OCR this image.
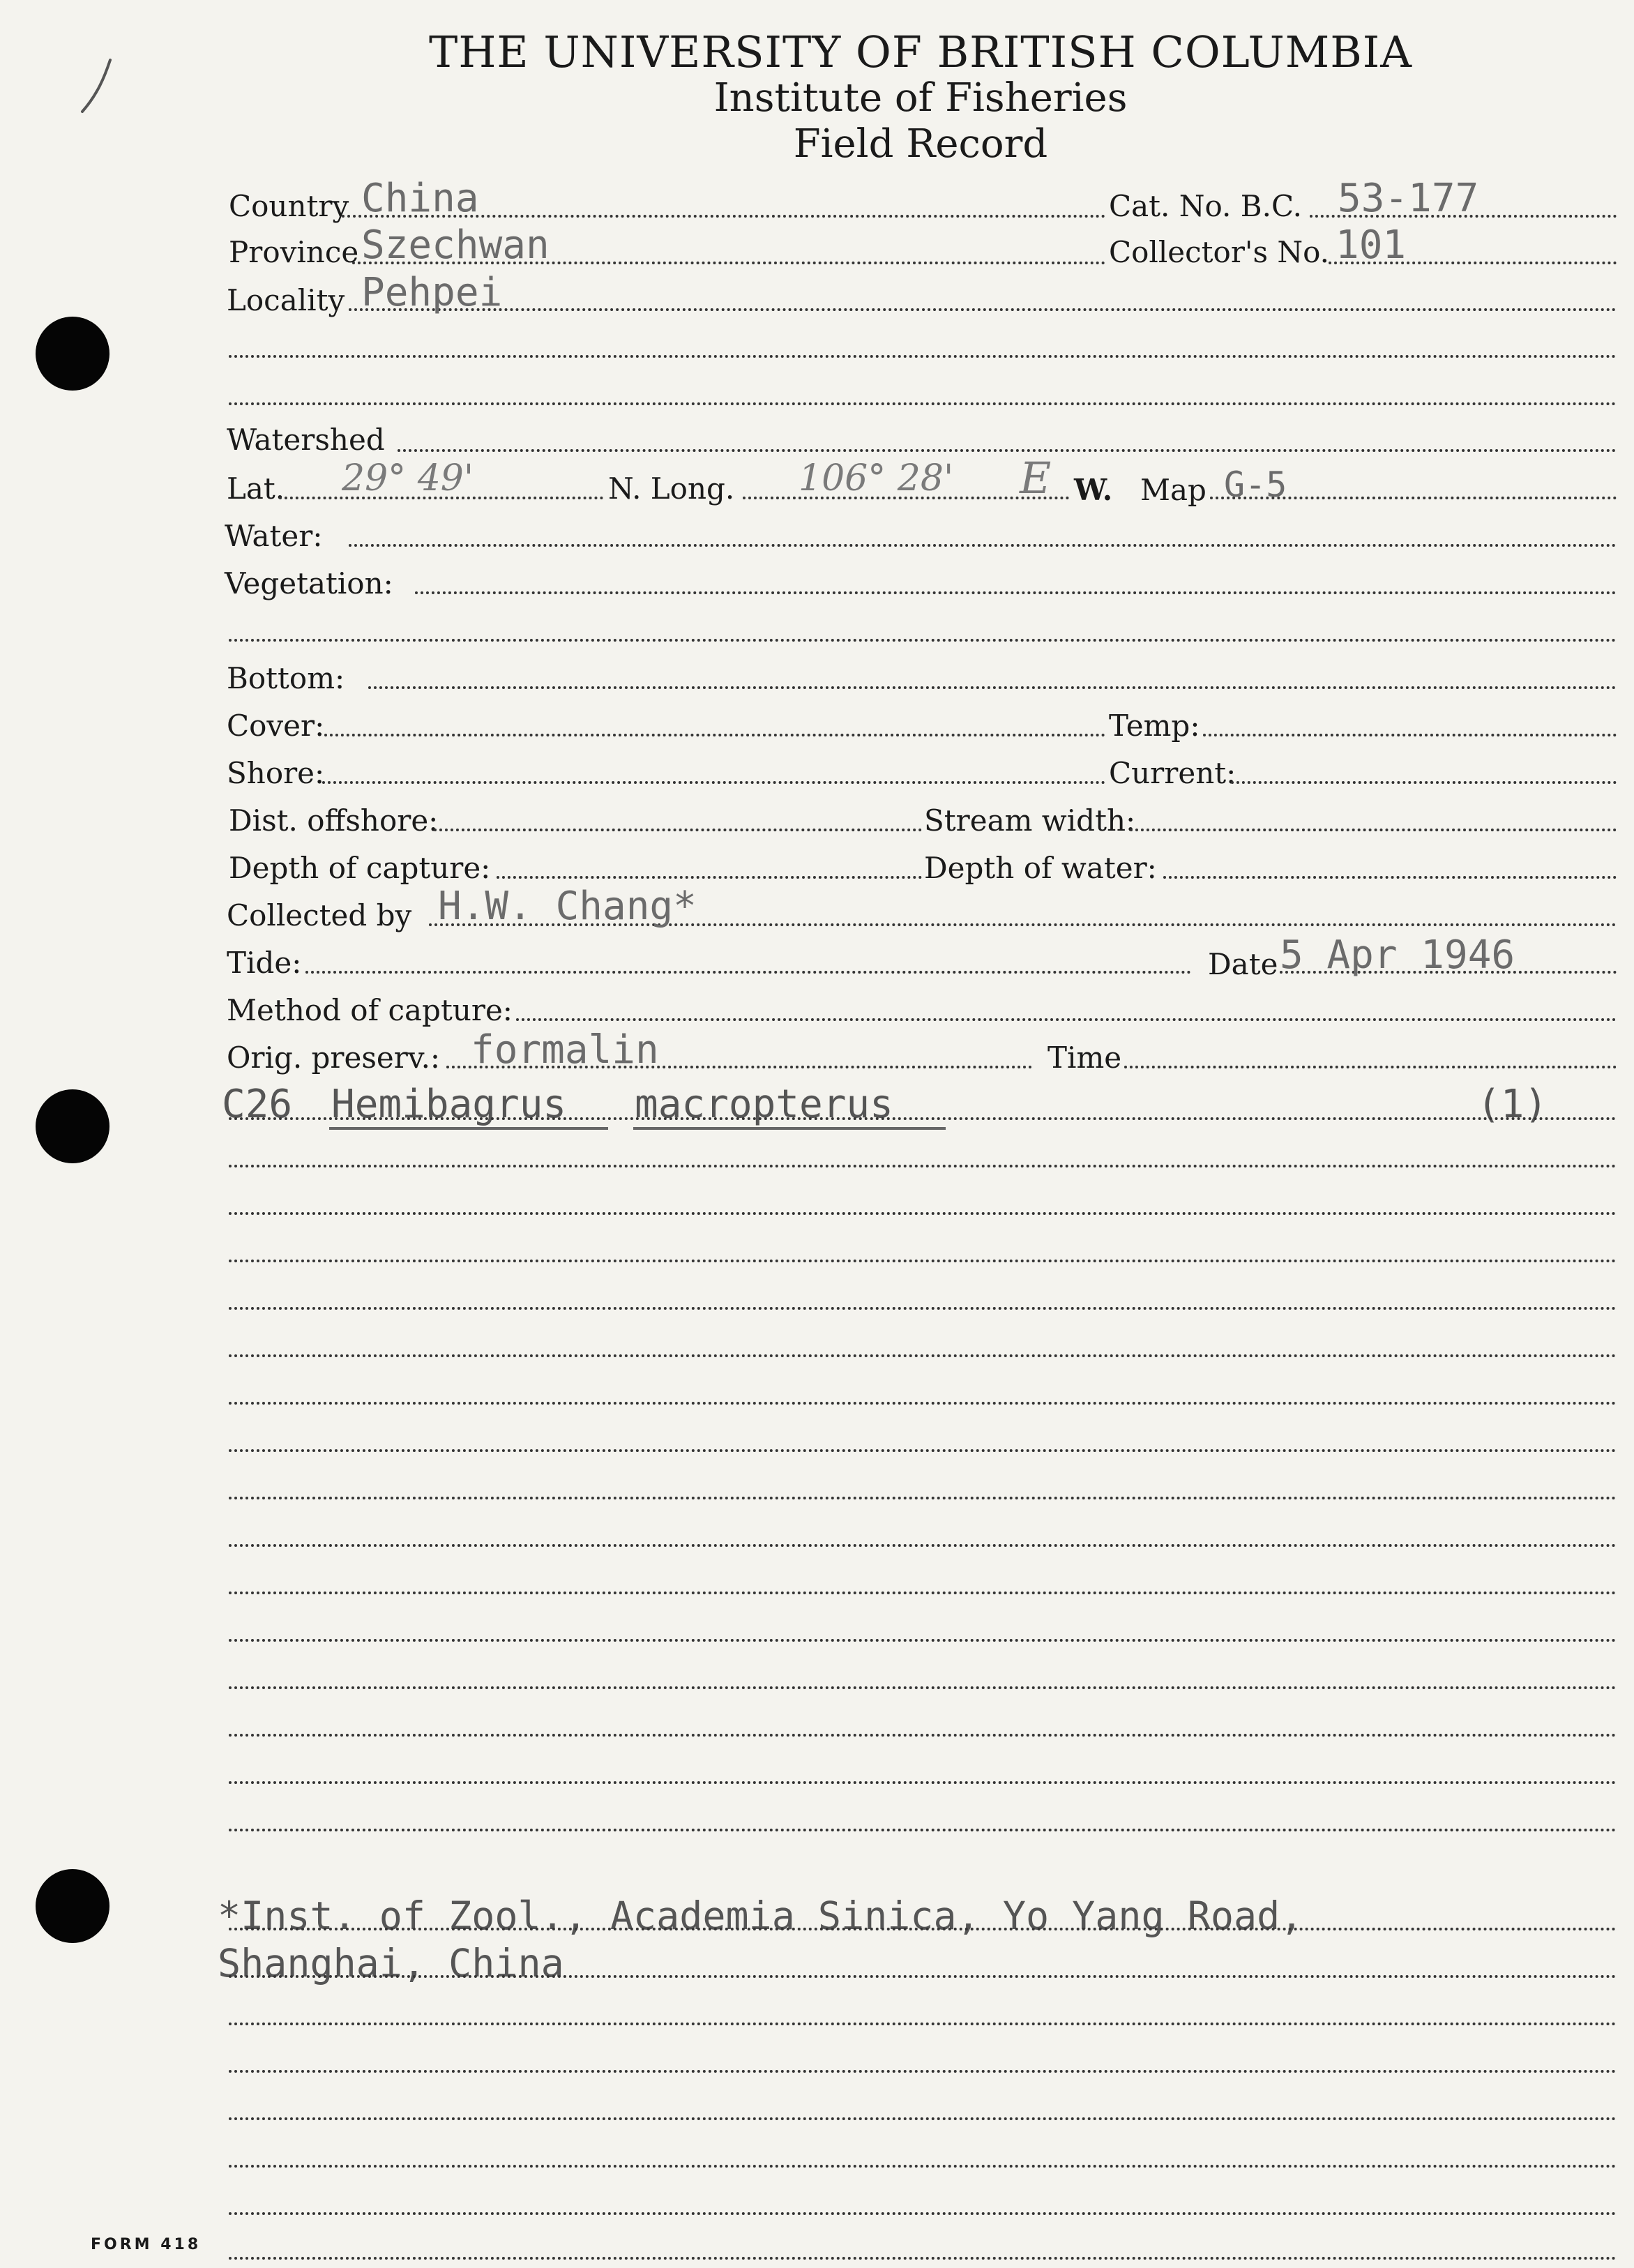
THE UNIVERSITY OF BRITISH COLUMBIA
Institute of Fisheries
Field Record
Country China	Cat. No. B.C. 53-177
Province Szechwan	Collector's No. 101
Locality Pehpei
Watershed
Lat. 29° 49'	N. Long. 106° 28' E W. Map G-5
Water:
Vegetation:
Bottom:
Cover:	Temp:
Shore:	Current:
Dist. offshore:	Stream width:
Depth of capture:	Depth of water:
Collected by H.W. Chang*
Tide:	Date 5 Apr 1946
Method of capture:
Orig. preserv.: formalin	Time
C26 Hemibagrus macropterus	(1)
*Inst. of Zool., Academia Sinica, Yo Yang Road,
Shanghai, China
FORM 418
